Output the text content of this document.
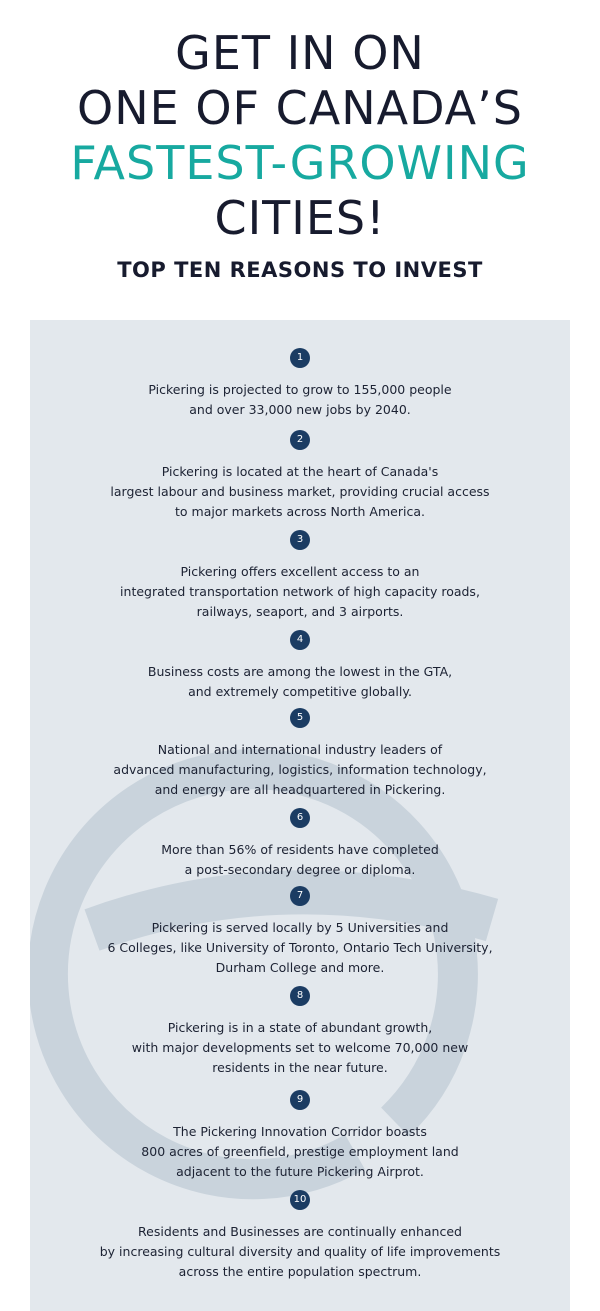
GET IN ON
ONE OF CANADA’S
FASTEST-GROWING
CITIES!
TOP TEN REASONS TO INVEST
1

Pickering is projected to grow to 155,000 people
and over 33,000 new jobs by 2040.

2

Pickering is located at the heart of Canada's
largest labour and business market, providing crucial access
to major markets across North America.

3

Pickering offers excellent access to an
integrated transportation network of high capacity roads,
railways, seaport, and 3 airports.

4

Business costs are among the lowest in the GTA,
and extremely competitive globally.

5

National and international industry leaders of
advanced manufacturing, logistics, information technology,
and energy are all headquartered in Pickering.

6

More than 56% of residents have completed
a post-secondary degree or diploma.

7

Pickering is served locally by 5 Universities and
6 Colleges, like University of Toronto, Ontario Tech University,
Durham College and more.

8

Pickering is in a state of abundant growth,
with major developments set to welcome 70,000 new
residents in the near future.

9

The Pickering Innovation Corridor boasts
800 acres of greenfield, prestige employment land
adjacent to the future Pickering Airprot.

10

Residents and Businesses are continually enhanced
by increasing cultural diversity and quality of life improvements
across the entire population spectrum.
